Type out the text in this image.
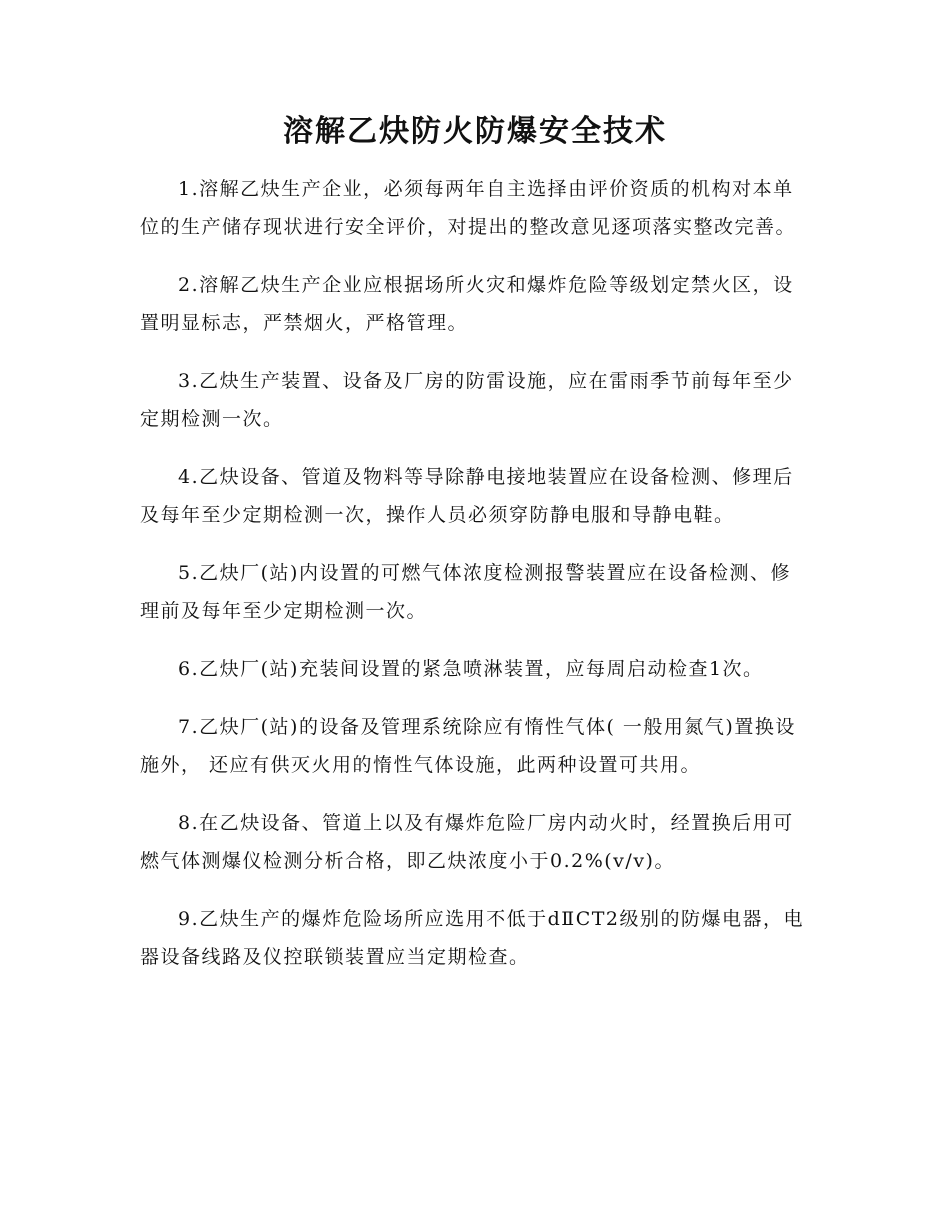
溶解乙炔防火防爆安全技术

1.溶解乙炔生产企业，必须每两年自主选择由评价资质的机构对本单位的生产储存现状进行安全评价，对提出的整改意见逐项落实整改完善。

2.溶解乙炔生产企业应根据场所火灾和爆炸危险等级划定禁火区，设置明显标志，严禁烟火，严格管理。

3.乙炔生产装置、设备及厂房的防雷设施，应在雷雨季节前每年至少定期检测一次。

4.乙炔设备、管道及物料等导除静电接地装置应在设备检测、修理后及每年至少定期检测一次，操作人员必须穿防静电服和导静电鞋。

5.乙炔厂(站)内设置的可燃气体浓度检测报警装置应在设备检测、修理前及每年至少定期检测一次。

6.乙炔厂(站)充装间设置的紧急喷淋装置，应每周启动检查1次。

7.乙炔厂(站)的设备及管理系统除应有惰性气体( 一般用氮气)置换设施外， 还应有供灭火用的惰性气体设施，此两种设置可共用。

8.在乙炔设备、管道上以及有爆炸危险厂房内动火时，经置换后用可燃气体测爆仪检测分析合格，即乙炔浓度小于0.2%(v/v)。

9.乙炔生产的爆炸危险场所应选用不低于dⅡCT2级别的防爆电器，电器设备线路及仪控联锁装置应当定期检查。
